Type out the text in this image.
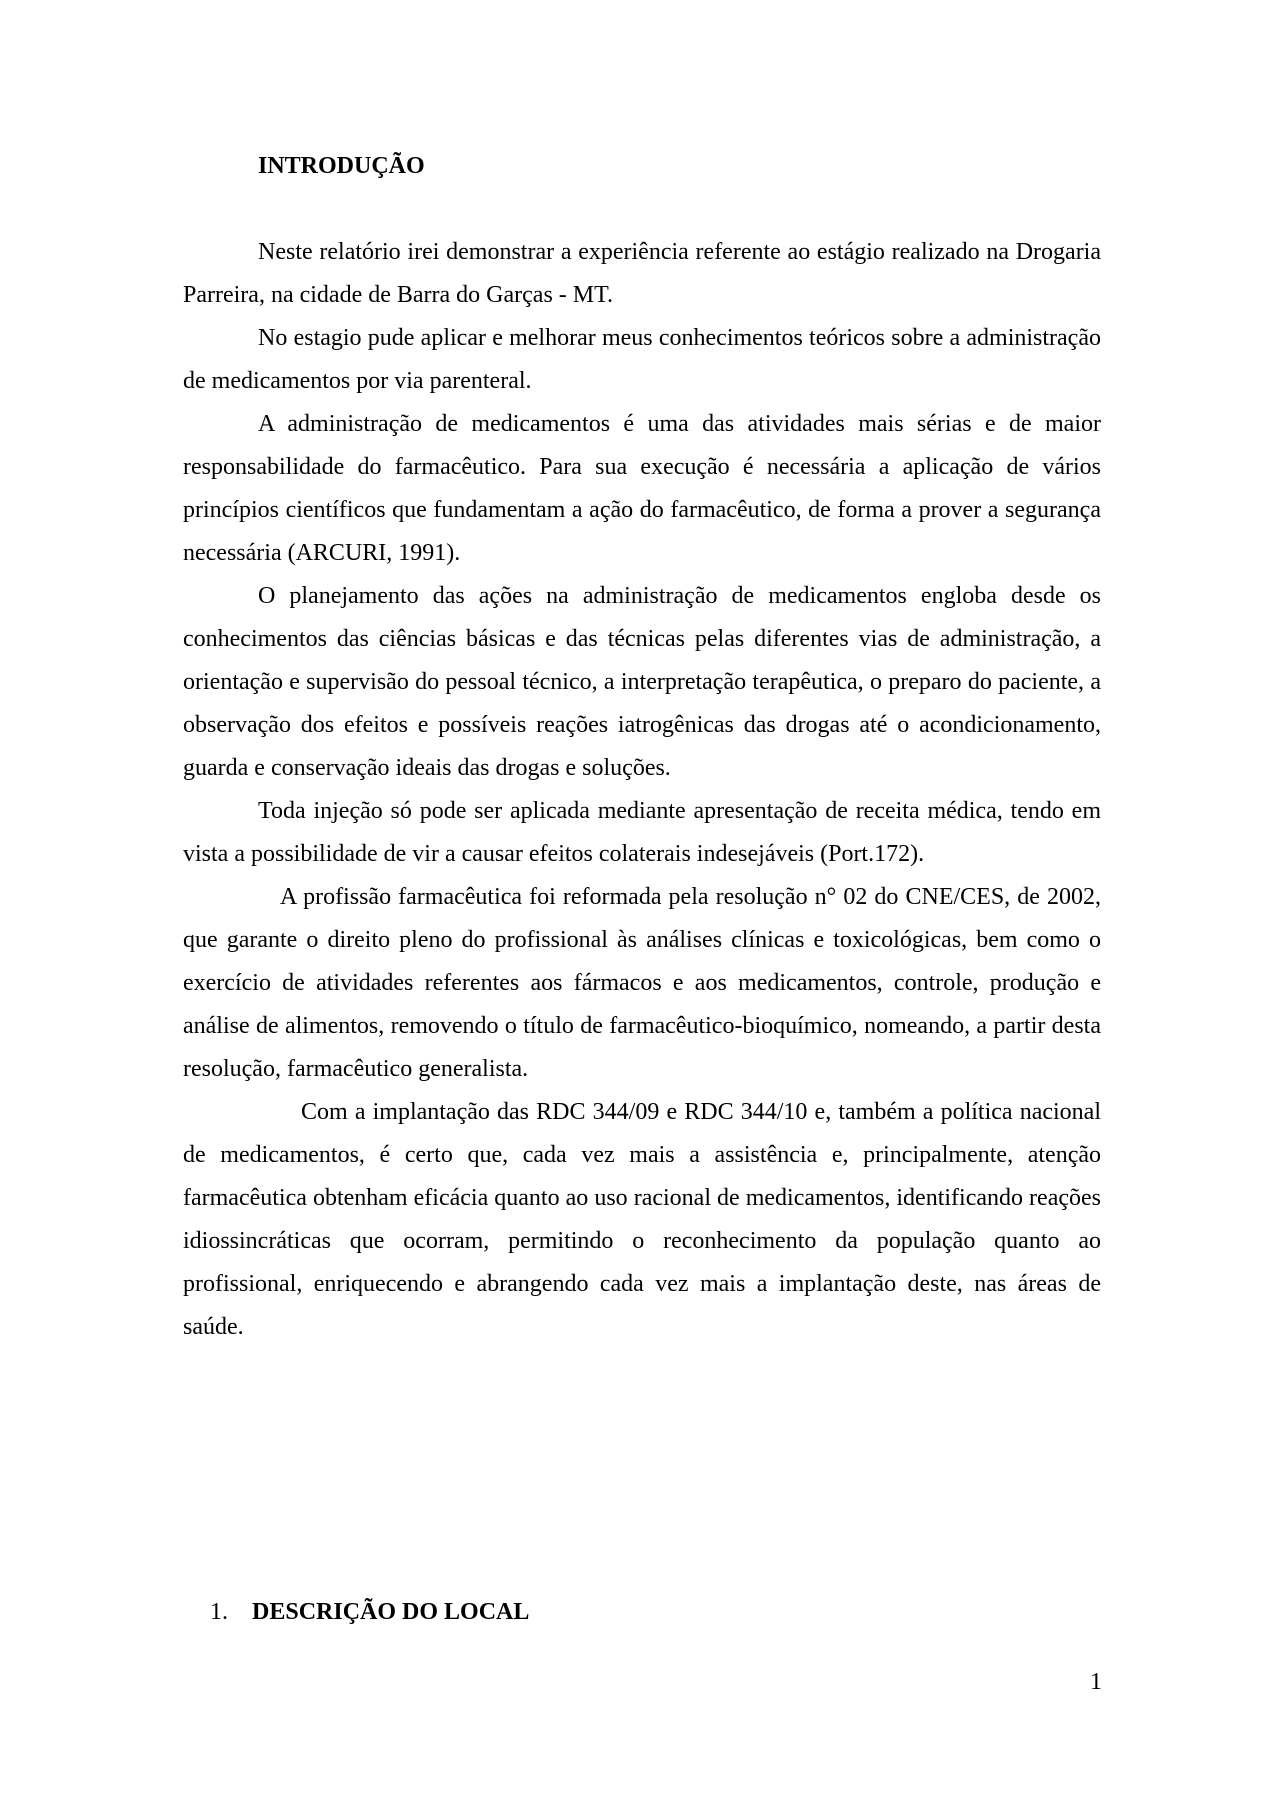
INTRODUÇÃO

Neste relatório irei demonstrar a experiência referente ao estágio realizado na Drogaria Parreira, na cidade de Barra do Garças - MT.

No estagio pude aplicar e melhorar meus conhecimentos teóricos sobre a administração de medicamentos por via parenteral.

A administração de medicamentos é uma das atividades mais sérias e de maior responsabilidade do farmacêutico. Para sua execução é necessária a aplicação de vários princípios científicos que fundamentam a ação do farmacêutico, de forma a prover a segurança necessária (ARCURI, 1991).

O planejamento das ações na administração de medicamentos engloba desde os conhecimentos das ciências básicas e das técnicas pelas diferentes vias de administração, a orientação e supervisão do pessoal técnico, a interpretação terapêutica, o preparo do paciente, a observação dos efeitos e possíveis reações iatrogênicas das drogas até o acondicionamento, guarda e conservação ideais das drogas e soluções.

Toda injeção só pode ser aplicada mediante apresentação de receita médica, tendo em vista a possibilidade de vir a causar efeitos colaterais indesejáveis (Port.172).

A profissão farmacêutica foi reformada pela resolução n° 02 do CNE/CES, de 2002, que garante o direito pleno do profissional às análises clínicas e toxicológicas, bem como o exercício de atividades referentes aos fármacos e aos medicamentos, controle, produção e análise de alimentos, removendo o título de farmacêutico-bioquímico, nomeando, a partir desta resolução, farmacêutico generalista.

Com a implantação das RDC 344/09 e RDC 344/10 e, também a política nacional de medicamentos, é certo que, cada vez mais a assistência e, principalmente, atenção farmacêutica obtenham eficácia quanto ao uso racional de medicamentos, identificando reações idiossincráticas que ocorram, permitindo o reconhecimento da população quanto ao profissional, enriquecendo e abrangendo cada vez mais a implantação deste, nas áreas de saúde.

1. DESCRIÇÃO DO LOCAL

1
